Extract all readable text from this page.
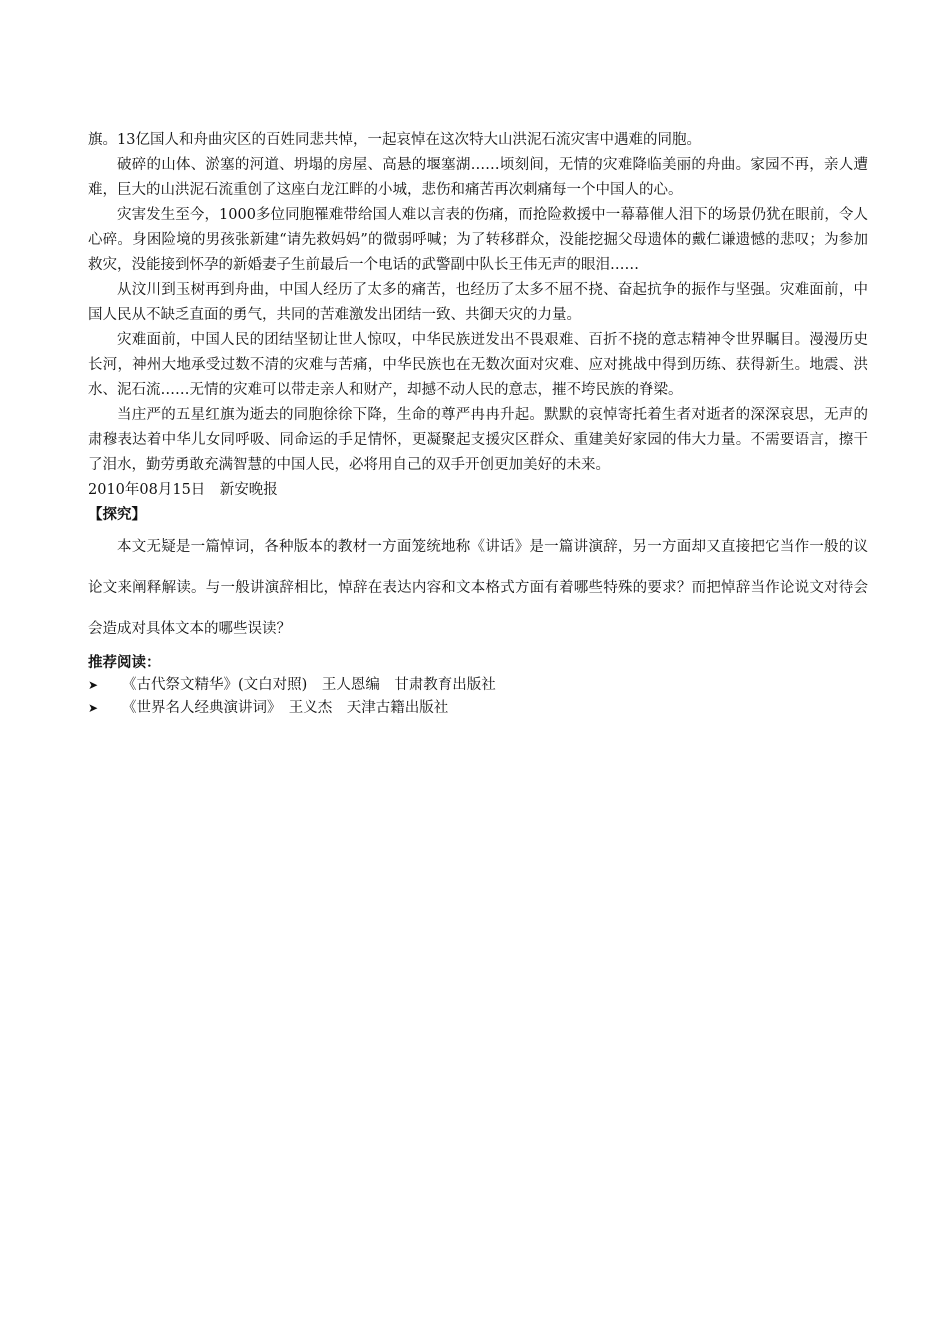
旗。13亿国人和舟曲灾区的百姓同悲共悼，一起哀悼在这次特大山洪泥石流灾害中遇难的同胞。

破碎的山体、淤塞的河道、坍塌的房屋、高悬的堰塞湖……顷刻间，无情的灾难降临美丽的舟曲。家园不再，亲人遭难，巨大的山洪泥石流重创了这座白龙江畔的小城，悲伤和痛苦再次刺痛每一个中国人的心。

灾害发生至今，1000多位同胞罹难带给国人难以言表的伤痛，而抢险救援中一幕幕催人泪下的场景仍犹在眼前，令人心碎。身困险境的男孩张新建“请先救妈妈”的微弱呼喊；为了转移群众，没能挖掘父母遗体的戴仁谦遗憾的悲叹；为参加救灾，没能接到怀孕的新婚妻子生前最后一个电话的武警副中队长王伟无声的眼泪……

从汶川到玉树再到舟曲，中国人经历了太多的痛苦，也经历了太多不屈不挠、奋起抗争的振作与坚强。灾难面前，中国人民从不缺乏直面的勇气，共同的苦难激发出团结一致、共御天灾的力量。

灾难面前，中国人民的团结坚韧让世人惊叹，中华民族迸发出不畏艰难、百折不挠的意志精神令世界瞩目。漫漫历史长河，神州大地承受过数不清的灾难与苦痛，中华民族也在无数次面对灾难、应对挑战中得到历练、获得新生。地震、洪水、泥石流……无情的灾难可以带走亲人和财产，却撼不动人民的意志，摧不垮民族的脊梁。

当庄严的五星红旗为逝去的同胞徐徐下降，生命的尊严冉冉升起。默默的哀悼寄托着生者对逝者的深深哀思，无声的肃穆表达着中华儿女同呼吸、同命运的手足情怀，更凝聚起支援灾区群众、重建美好家园的伟大力量。不需要语言，擦干了泪水，勤劳勇敢充满智慧的中国人民，必将用自己的双手开创更加美好的未来。

2010年08月15日　新安晚报

【探究】

本文无疑是一篇悼词，各种版本的教材一方面笼统地称《讲话》是一篇讲演辞，另一方面却又直接把它当作一般的议论文来阐释解读。与一般讲演辞相比，悼辞在表达内容和文本格式方面有着哪些特殊的要求？而把悼辞当作论说文对待会会造成对具体文本的哪些误读？

推荐阅读：

➤	《古代祭文精华》(文白对照)　王人恩编　甘肃教育出版社
➤	《世界名人经典演讲词》　王义杰　天津古籍出版社
